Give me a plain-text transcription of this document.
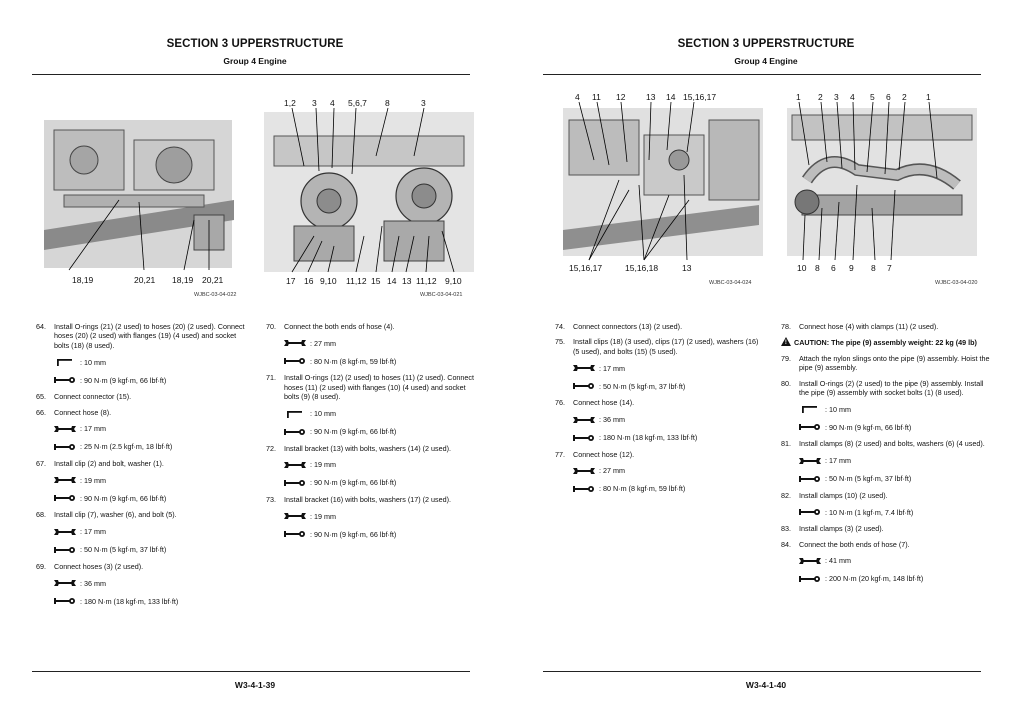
SECTION 3 UPPERSTRUCTURE
Group 4 Engine
18,19	20,21 18,19 20,21
WJBC-03-04-022
1,2 3 4 5,6,7 8	3
17 16 9,10 11,12 15 14 13 11,12 9,10
WJBC-03-04-021
64. Install O-rings (21) (2 used) to hoses (20) (2 used). Connect hoses (20) (2 used) with flanges (19) (4 used) and socket bolts (18) (8 used).
: 10 mm
: 90 N·m (9 kgf·m, 66 lbf·ft)
65. Connect connector (15).
66. Connect hose (8).
: 17 mm
: 25 N·m (2.5 kgf·m, 18 lbf·ft)
67. Install clip (2) and bolt, washer (1).
: 19 mm
: 90 N·m (9 kgf·m, 66 lbf·ft)
68. Install clip (7), washer (6), and bolt (5).
: 17 mm
: 50 N·m (5 kgf·m, 37 lbf·ft)
69. Connect hoses (3) (2 used).
: 36 mm
: 180 N·m (18 kgf·m, 133 lbf·ft)
70. Connect the both ends of hose (4).
: 27 mm
: 80 N·m (8 kgf·m, 59 lbf·ft)
71. Install O-rings (12) (2 used) to hoses (11) (2 used). Connect hoses (11) (2 used) with flanges (10) (4 used) and socket bolts (9) (8 used).
: 10 mm
: 90 N·m (9 kgf·m, 66 lbf·ft)
72. Install bracket (13) with bolts, washers (14) (2 used).
: 19 mm
: 90 N·m (9 kgf·m, 66 lbf·ft)
73. Install bracket (16) with bolts, washers (17) (2 used).
: 19 mm
: 90 N·m (9 kgf·m, 66 lbf·ft)
W3-4-1-39
SECTION 3 UPPERSTRUCTURE
Group 4 Engine
4 11 12 13 14 15,16,17
15,16,17	15,16,18	13
WJBC-03-04-024
1 2 3 4 5 6 2 1
10 8 6 9 8 7
WJBC-03-04-020
74. Connect connectors (13) (2 used).
75. Install clips (18) (3 used), clips (17) (2 used), washers (16) (5 used), and bolts (15) (5 used).
: 17 mm
: 50 N·m (5 kgf·m, 37 lbf·ft)
76. Connect hose (14).
: 36 mm
: 180 N·m (18 kgf·m, 133 lbf·ft)
77. Connect hose (12).
: 27 mm
: 80 N·m (8 kgf·m, 59 lbf·ft)
78. Connect hose (4) with clamps (11) (2 used).
!CAUTION: The pipe (9) assembly weight: 22 kg (49 lb)
79. Attach the nylon slings onto the pipe (9) assembly. Hoist the pipe (9) assembly.
80. Install O-rings (2) (2 used) to the pipe (9) assembly. Install the pipe (9) assembly with socket bolts (1) (8 used).
: 10 mm
: 90 N·m (9 kgf·m, 66 lbf·ft)
81. Install clamps (8) (2 used) and bolts, washers (6) (4 used).
: 17 mm
: 50 N·m (5 kgf·m, 37 lbf·ft)
82. Install clamps (10) (2 used).
: 10 N·m (1 kgf·m, 7.4 lbf·ft)
83. Install clamps (3) (2 used).
84. Connect the both ends of hose (7).
: 41 mm
: 200 N·m (20 kgf·m, 148 lbf·ft)
W3-4-1-40
